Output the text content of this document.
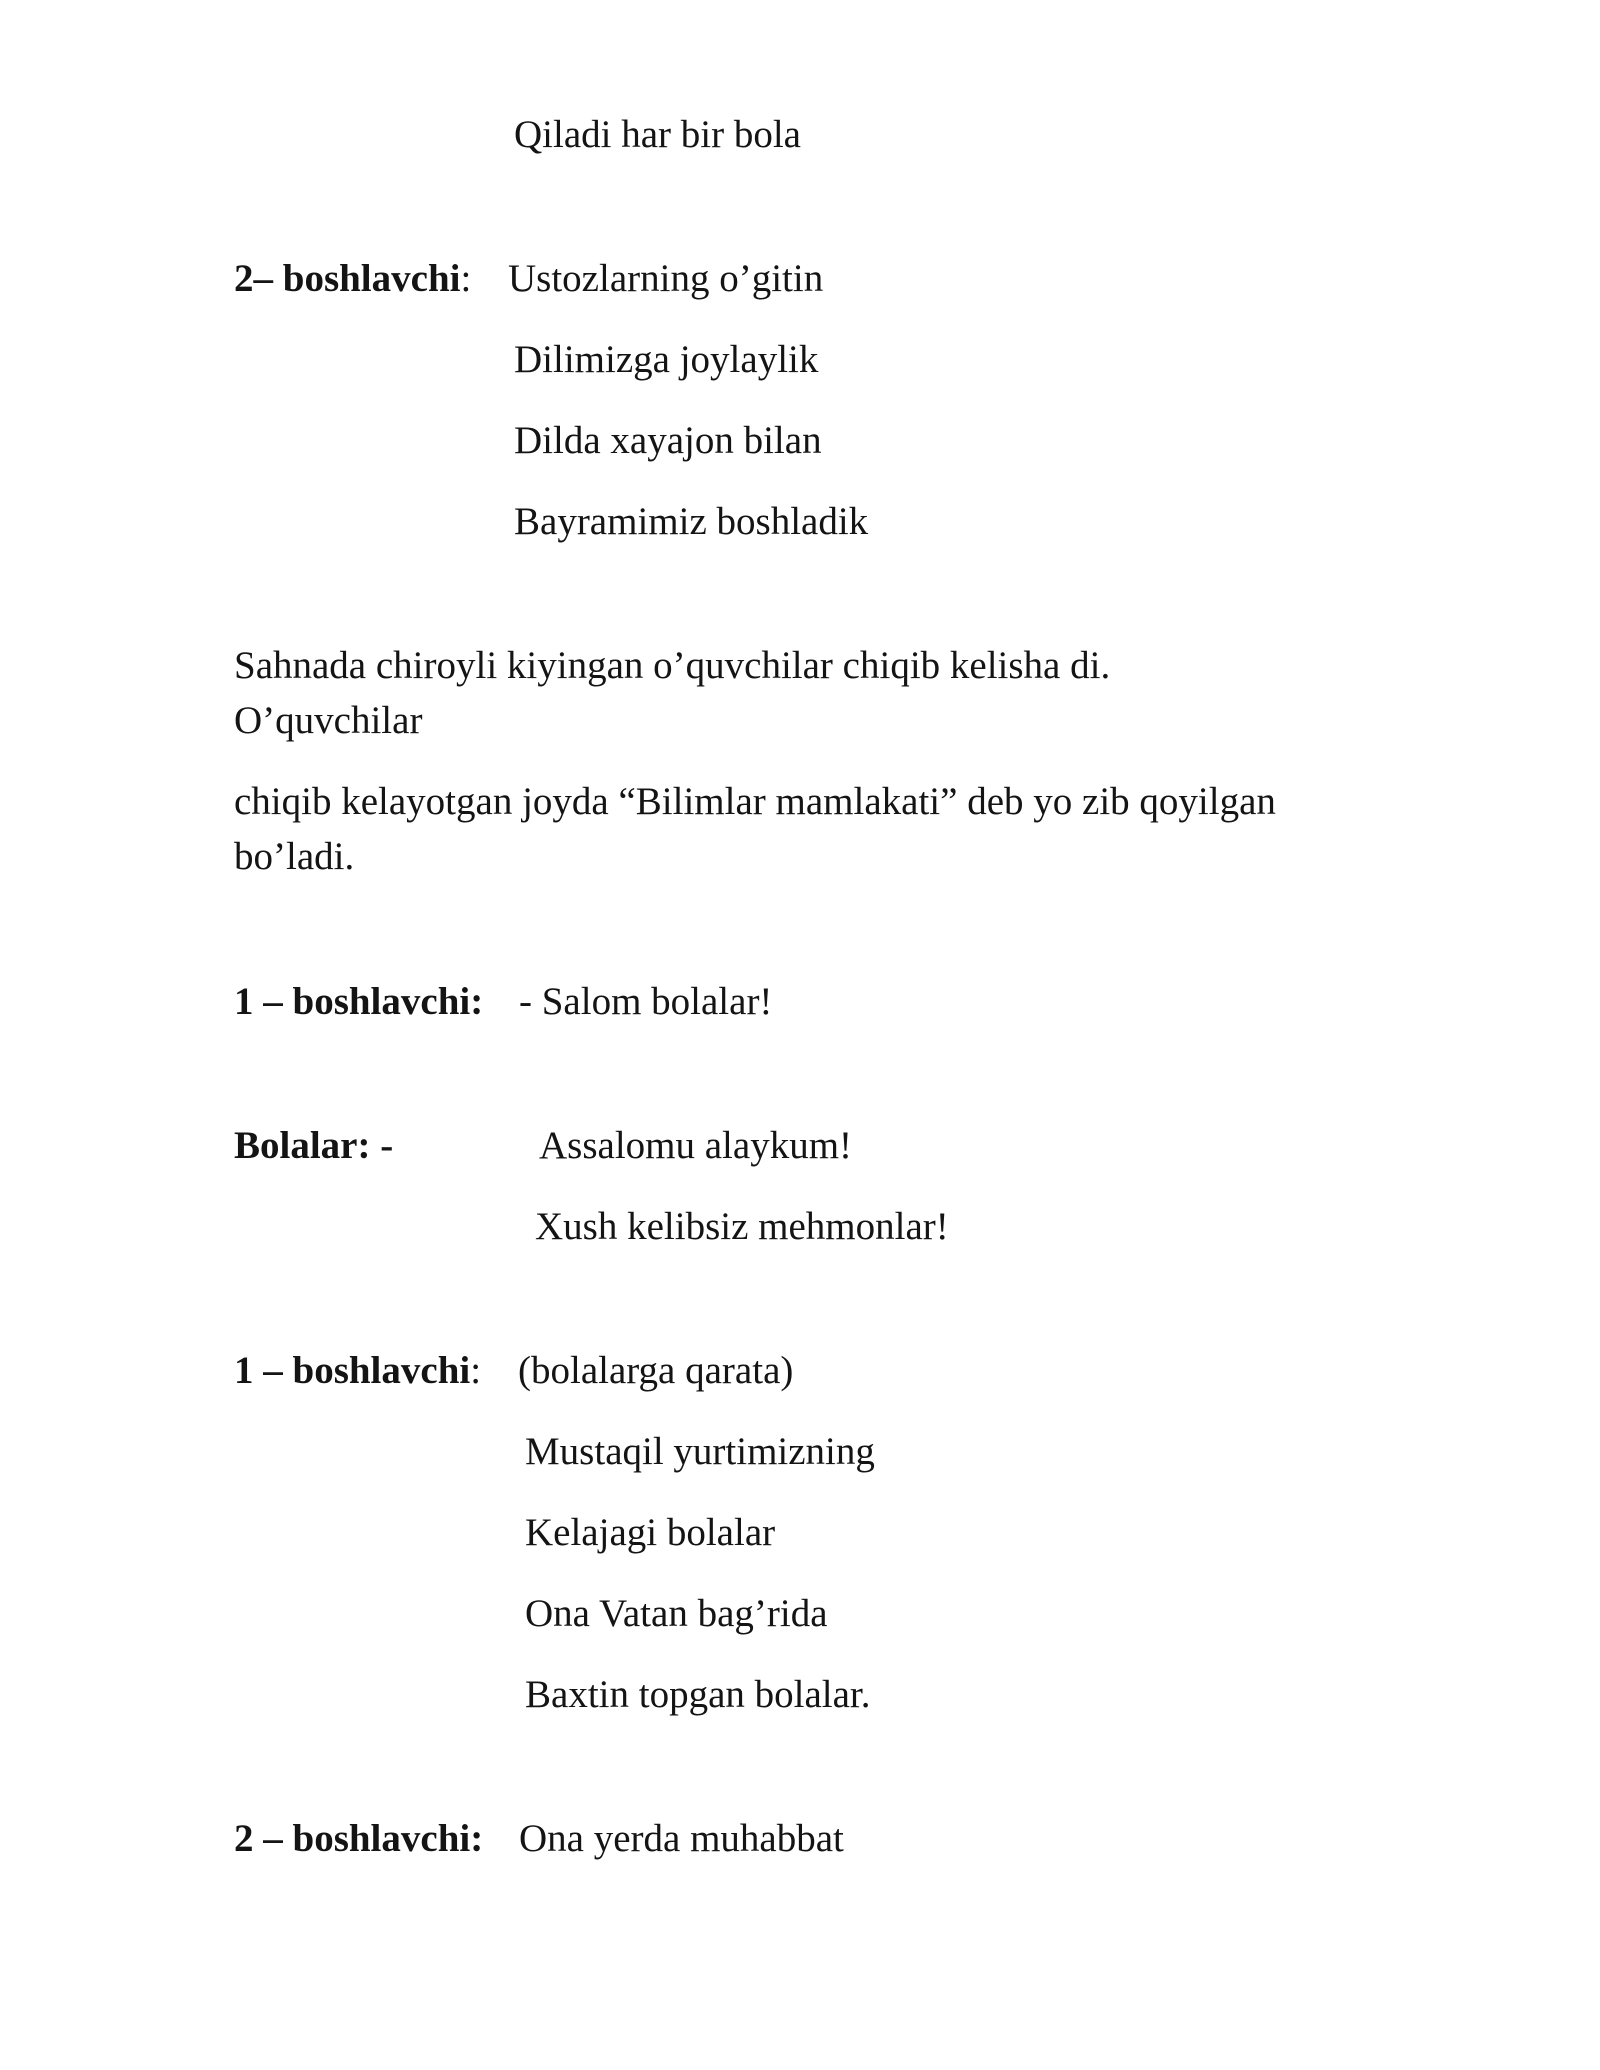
Qiladi har bir bola
2– boshlavchi: Ustozlarning o’gitin
Dilimizga joylaylik
Dilda xayajon bilan
Bayramimiz boshladik
Sahnada chiroyli kiyingan o’quvchilar chiqib kelisha di.
O’quvchilar
chiqib kelayotgan joyda “Bilimlar mamlakati” deb yo zib qoyilgan
bo’ladi.
1 – boshlavchi: - Salom bolalar!
Bolalar: -	Assalomu alaykum!
Xush kelibsiz mehmonlar!
1 – boshlavchi: (bolalarga qarata)
Mustaqil yurtimizning
Kelajagi bolalar
Ona Vatan bag’rida
Baxtin topgan bolalar.
2 – boshlavchi: Ona yerda muhabbat
